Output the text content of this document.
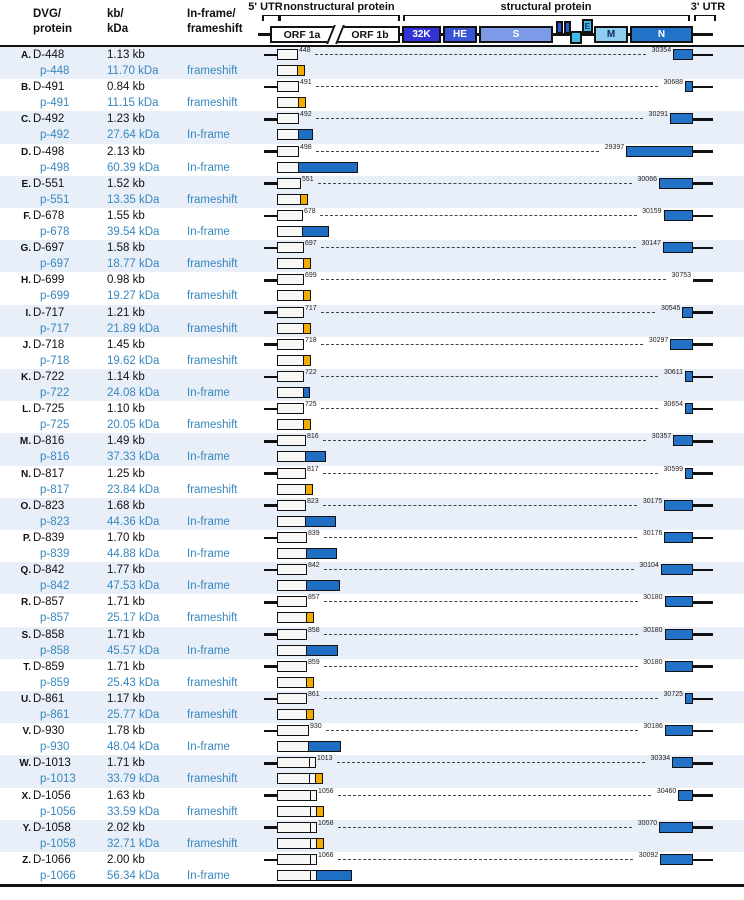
DVG/
protein
kb/
kDa
In-frame/
frameshift
5' UTR nonstructural protein	structural protein	3' UTR
ORF 1a	ORF 1b	32K	HE	S
E
M	N
A. D-448	1.13 kb
p-448	11.70 kDa frameshift
448	30354
B. D-491	0.84 kb
p-491	11.15 kDa frameshift
491	30688
C. D-492	1.23 kb
p-492	27.64 kDa In-frame
492	30291
D. D-498	2.13 kb
p-498	60.39 kDa In-frame
498	29397
E. D-551	1.52 kb
p-551	13.35 kDa frameshift
551	30066
F. D-678	1.55 kb
p-678	39.54 kDa In-frame
678	30159
G. D-697	1.58 kb
p-697	18.77 kDa frameshift
697	30147
H. D-699	0.98 kb
p-699	19.27 kDa frameshift
699	30753
I. D-717	1.21 kb
p-717	21.89 kDa frameshift
717	30545
J. D-718	1.45 kb
p-718	19.62 kDa frameshift
718	30297
K. D-722	1.14 kb
p-722	24.08 kDa In-frame
722	30611
L. D-725	1.10 kb
p-725	20.05 kDa frameshift
725	30654
M. D-816	1.49 kb
p-816	37.33 kDa In-frame
816	30357
N. D-817	1.25 kb
p-817	23.84 kDa frameshift
817	30599
O. D-823	1.68 kb
p-823	44.36 kDa In-frame
823	30175
P. D-839	1.70 kb
p-839	44.88 kDa In-frame
839	30176
Q. D-842	1.77 kb
p-842	47.53 kDa In-frame
842	30104
R. D-857	1.71 kb
p-857	25.17 kDa frameshift
857	30180
S. D-858	1.71 kb
p-858	45.57 kDa In-frame
858	30180
T. D-859	1.71 kb
p-859	25.43 kDa frameshift
859	30180
U. D-861	1.17 kb
p-861	25.77 kDa frameshift
861	30725
V. D-930	1.78 kb
p-930	48.04 kDa In-frame
930	30186
W. D-1013	1.71 kb
p-1013	33.79 kDa frameshift
1013	30334
X. D-1056	1.63 kb
p-1056	33.59 kDa frameshift
1056	30460
Y. D-1058	2.02 kb
p-1058	32.71 kDa frameshift
1058	30070
Z. D-1066	2.00 kb
p-1066	56.34 kDa In-frame
1066	30092
